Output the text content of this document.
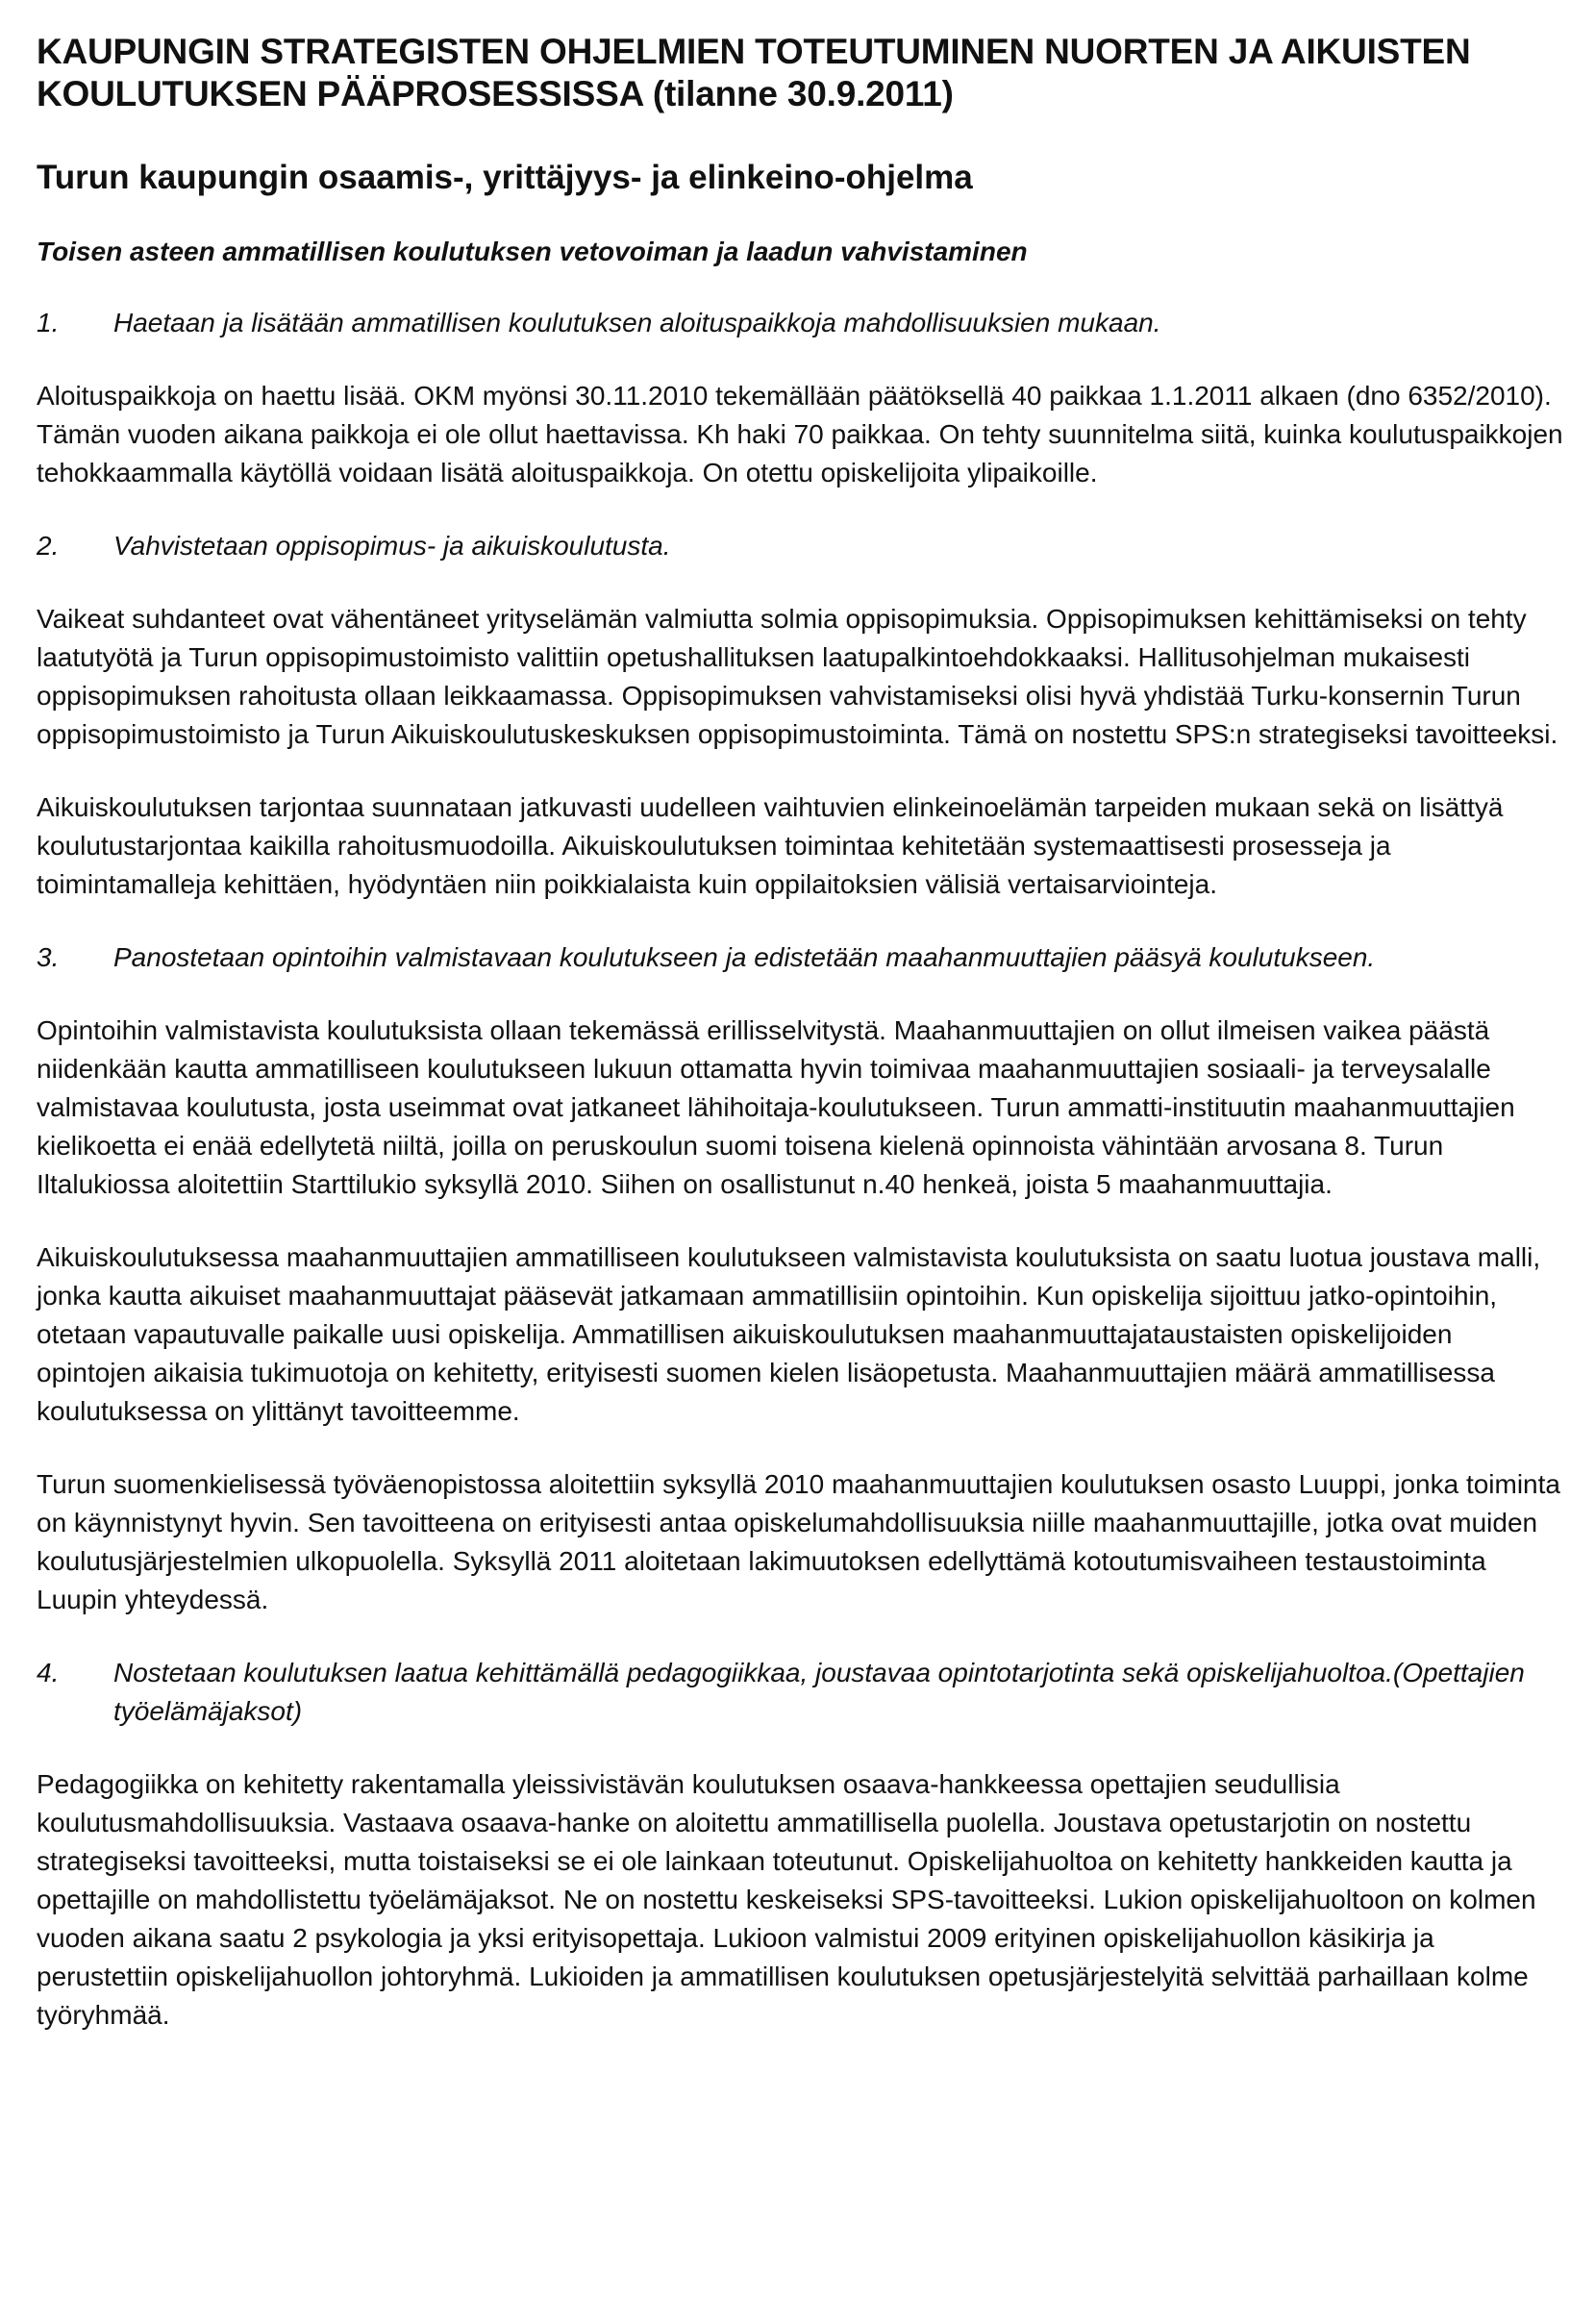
KAUPUNGIN STRATEGISTEN OHJELMIEN TOTEUTUMINEN NUORTEN JA AIKUISTEN KOULUTUKSEN PÄÄPROSESSISSA (tilanne 30.9.2011)
Turun kaupungin osaamis-, yrittäjyys- ja elinkeino-ohjelma
Toisen asteen ammatillisen koulutuksen vetovoiman ja laadun vahvistaminen
1.	Haetaan ja lisätään ammatillisen koulutuksen aloituspaikkoja mahdollisuuksien mukaan.

Aloituspaikkoja on haettu lisää. OKM myönsi 30.11.2010 tekemällään päätöksellä 40 paikkaa 1.1.2011 alkaen (dno 6352/2010). Tämän vuoden aikana paikkoja ei ole ollut haettavissa. Kh haki 70 paikkaa. On tehty suunnitelma siitä, kuinka koulutuspaikkojen tehokkaammalla käytöllä voidaan lisätä aloituspaikkoja. On otettu opiskelijoita ylipaikoille.

2.	Vahvistetaan oppisopimus- ja aikuiskoulutusta.

Vaikeat suhdanteet ovat vähentäneet yrityselämän valmiutta solmia oppisopimuksia. Oppisopimuksen kehittämiseksi on tehty laatutyötä ja Turun oppisopimustoimisto valittiin opetushallituksen laatupalkintoehdokkaaksi. Hallitusohjelman mukaisesti oppisopimuksen rahoitusta ollaan leikkaamassa. Oppisopimuksen vahvistamiseksi olisi hyvä yhdistää Turku-konsernin Turun oppisopimustoimisto ja Turun Aikuiskoulutuskeskuksen oppisopimustoiminta. Tämä on nostettu SPS:n strategiseksi tavoitteeksi.

Aikuiskoulutuksen tarjontaa suunnataan jatkuvasti uudelleen vaihtuvien elinkeinoelämän tarpeiden mukaan sekä on lisättyä koulutustarjontaa kaikilla rahoitusmuodoilla. Aikuiskoulutuksen toimintaa kehitetään systemaattisesti prosesseja ja toimintamalleja kehittäen, hyödyntäen niin poikkialaista kuin oppilaitoksien välisiä vertaisarviointeja.

3.	Panostetaan opintoihin valmistavaan koulutukseen ja edistetään maahanmuuttajien pääsyä koulutukseen.

Opintoihin valmistavista koulutuksista ollaan tekemässä erillisselvitystä. Maahanmuuttajien on ollut ilmeisen vaikea päästä niidenkään kautta ammatilliseen koulutukseen lukuun ottamatta hyvin toimivaa maahanmuuttajien sosiaali- ja terveysalalle valmistavaa koulutusta, josta useimmat ovat jatkaneet lähihoitaja-koulutukseen. Turun ammatti-instituutin maahanmuuttajien kielikoetta ei enää edellytetä niiltä, joilla on peruskoulun suomi toisena kielenä opinnoista vähintään arvosana 8. Turun Iltalukiossa aloitettiin Starttilukio syksyllä 2010. Siihen on osallistunut n.40 henkeä, joista 5 maahanmuuttajia.

Aikuiskoulutuksessa maahanmuuttajien ammatilliseen koulutukseen valmistavista koulutuksista on saatu luotua joustava malli, jonka kautta aikuiset maahanmuuttajat pääsevät jatkamaan ammatillisiin opintoihin. Kun opiskelija sijoittuu jatko-opintoihin, otetaan vapautuvalle paikalle uusi opiskelija. Ammatillisen aikuiskoulutuksen maahanmuuttajataustaisten opiskelijoiden opintojen aikaisia tukimuotoja on kehitetty, erityisesti suomen kielen lisäopetusta. Maahanmuuttajien määrä ammatillisessa koulutuksessa on ylittänyt tavoitteemme.

Turun suomenkielisessä työväenopistossa aloitettiin syksyllä 2010 maahanmuuttajien koulutuksen osasto Luuppi, jonka toiminta on käynnistynyt hyvin. Sen tavoitteena on erityisesti antaa opiskelumahdollisuuksia niille maahanmuuttajille, jotka ovat muiden koulutusjärjestelmien ulkopuolella. Syksyllä 2011 aloitetaan lakimuutoksen edellyttämä kotoutumisvaiheen testaustoiminta Luupin yhteydessä.

4.	Nostetaan koulutuksen laatua kehittämällä pedagogiikkaa, joustavaa opintotarjotinta sekä opiskelijahuoltoa.(Opettajien työelämäjaksot)

Pedagogiikka on kehitetty rakentamalla yleissivistävän koulutuksen osaava-hankkeessa opettajien seudullisia koulutusmahdollisuuksia. Vastaava osaava-hanke on aloitettu ammatillisella puolella. Joustava opetustarjotin on nostettu strategiseksi tavoitteeksi, mutta toistaiseksi se ei ole lainkaan toteutunut. Opiskelijahuoltoa on kehitetty hankkeiden kautta ja opettajille on mahdollistettu työelämäjaksot. Ne on nostettu keskeiseksi SPS-tavoitteeksi. Lukion opiskelijahuoltoon on kolmen vuoden aikana saatu 2 psykologia ja yksi erityisopettaja. Lukioon valmistui 2009 erityinen opiskelijahuollon käsikirja ja perustettiin opiskelijahuollon johtoryhmä. Lukioiden ja ammatillisen koulutuksen opetusjärjestelyitä selvittää parhaillaan kolme työryhmää.
